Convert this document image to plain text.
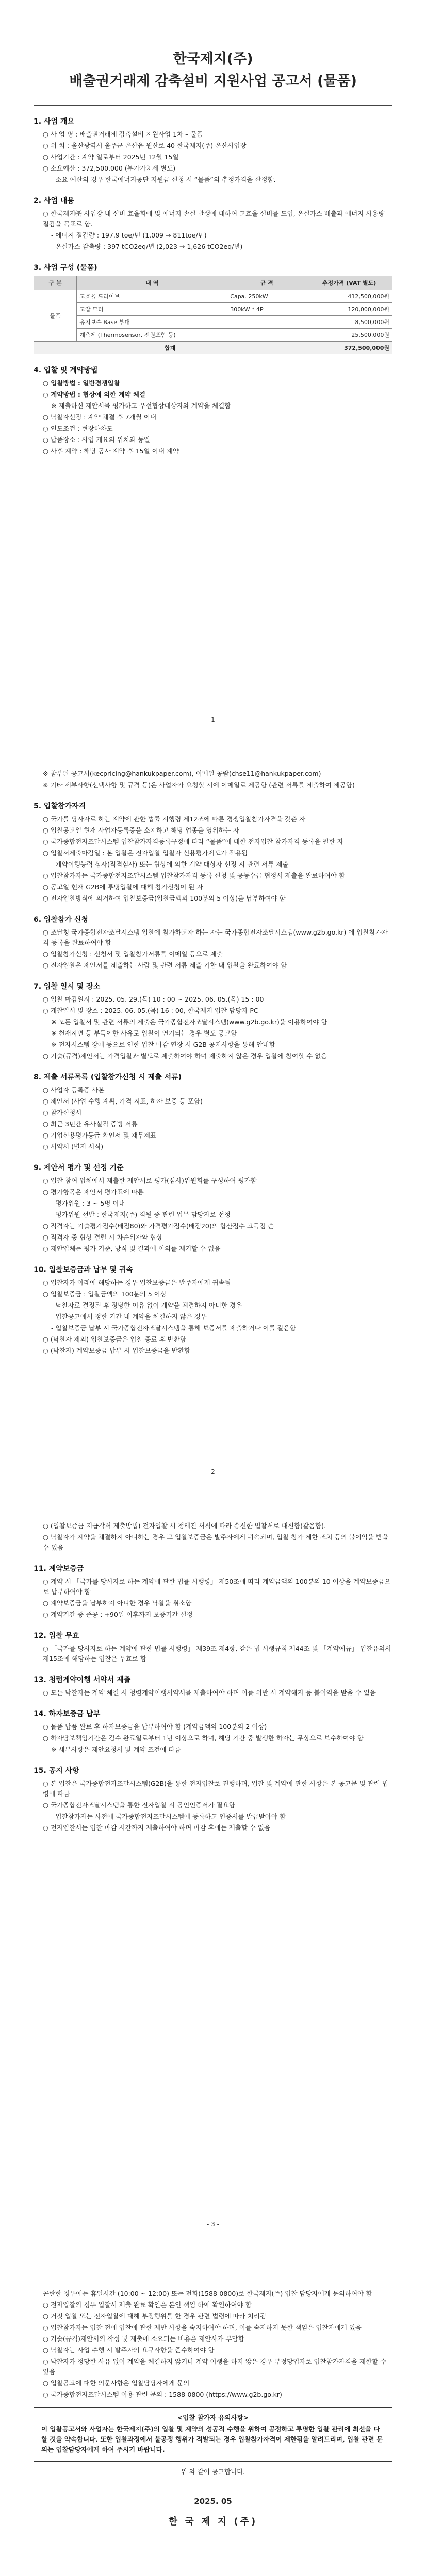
한국제지(주)
배출권거래제 감축설비 지원사업 공고서 (물품)
1. 사업 개요
○ 사 업 명 : 배출권거래제 감축설비 지원사업 1차 – 물품
○ 위 치 : 울산광역시 울주군 온산읍 원산로 40 한국제지(주) 온산사업장
○ 사업기간 : 계약 일로부터 2025년 12월 15일
○ 소요예산 : 372,500,000 (부가가치세 별도)
- 소요 예산의 경우 한국에너지공단 지원금 신청 시 “물품”의 추정가격을 산정함.
2. 사업 내용
○ 한국제지㈜ 사업장 내 설비 효율화에 및 에너지 손실 발생에 대하여 고효율 설비를 도입, 온실가스 배출과 에너지 사용량 절감을 목표로 함.
- 에너지 절감량 : 197.9 toe/년 (1,009 → 811toe/년)
- 온실가스 감축량 : 397 tCO2eq/년 (2,023 → 1,626 tCO2eq/년)
3. 사업 구성 (물품)
구 분	내 역	규 격	추정가격 (VAT 별도)
물품	고효율 드라이브	Capa. 250kW	412,500,000원
	고압 모터	300kW * 4P	120,000,000원
	유지보수 Base 부대		8,500,000원
	계측제 (Thermosensor, 전원포함 등)		25,500,000원
합계			372,500,000원
4. 입찰 및 계약방법
○ 입찰방법 : 일반경쟁입찰
○ 계약방법 : 협상에 의한 계약 체결
※ 제출하신 제안서를 평가하고 우선협상대상자와 계약을 체결함
○ 낙찰자선정 : 계약 체결 후 7개월 이내
○ 인도조건 : 현장하차도
○ 납품장소 : 사업 개요의 위치와 동일
○ 사후 계약 : 해당 공사 계약 후 15일 이내 계약
- 1 -
※ 참부된 공고서(kecpricing@hankukpaper.com), 이메일 공람(chse11@hankukpaper.com)
※ 기타 세부사항(선택사항 및 규격 등)은 사업자가 요청할 시에 이메일로 제공함 (관련 서류를 제출하여 제공함)
5. 입찰참가자격
○ 국가를 당사자로 하는 계약에 관한 법률 시행령 제12조에 따른 경쟁입찰참가자격을 갖춘 자
○ 입찰공고일 현재 사업자등록증을 소지하고 해당 업종을 영위하는 자
○ 국가종합전자조달시스템 입찰참가자격등록규정에 따라 “물품”에 대한 전자입찰 참가자격 등록을 필한 자
○ 입찰서제출마감일 : 본 입찰은 전자입찰 입찰자 신용평가제도가 적용됨
- 계약이행능력 심사(적격심사) 또는 협상에 의한 계약 대상자 선정 시 관련 서류 제출
○ 입찰참가자는 국가종합전자조달시스템 입찰참가자격 등록 신청 및 공동수급 협정서 제출을 완료하여야 함
○ 공고일 현재 G2B에 투명입찰에 대해 참가신청이 된 자
○ 전자입찰방식에 의거하여 입찰보증금(입찰금액의 100분의 5 이상)을 납부하여야 함
6. 입찰참가 신청
○ 조달청 국가종합전자조달시스템 입찰에 참가하고자 하는 자는 국가종합전자조달시스템(www.g2b.go.kr) 에 입찰참가자격 등록을 완료하여야 함
○ 입찰참가신청 : 신청서 및 입찰참가서류를 이메일 등으로 제출
○ 전자입찰은 제안서를 제출하는 사람 및 관련 서류 제출 기한 내 입찰을 완료하여야 함
7. 입찰 일시 및 장소
○ 입찰 마감일시 : 2025. 05. 29.(목) 10 : 00 ~ 2025. 06. 05.(목) 15 : 00
○ 개찰일시 및 장소 : 2025. 06. 05.(목) 16 : 00, 한국제지 입찰 담당자 PC
※ 모든 입찰서 및 관련 서류의 제출은 국가종합전자조달시스템(www.g2b.go.kr)을 이용하여야 함
※ 천재지변 등 부득이한 사유로 입찰이 연기되는 경우 별도 공고함
※ 전자시스템 장애 등으로 인한 입찰 마감 연장 시 G2B 공지사항을 통해 안내함
○ 기술(규격)제안서는 가격입찰과 별도로 제출하여야 하며 제출하지 않은 경우 입찰에 참여할 수 없음
8. 제출 서류목록 (입찰참가신청 시 제출 서류)
○ 사업자 등록증 사본
○ 제안서 (사업 수행 계획, 가격 지표, 하자 보증 등 포함)
○ 참가신청서
○ 최근 3년간 유사실적 증빙 서류
○ 기업신용평가등급 확인서 및 재무제표
○ 서약서 (별지 서식)
9. 제안서 평가 및 선정 기준
○ 입찰 참여 업체에서 제출한 제안서로 평가(심사)위원회를 구성하여 평가함
○ 평가항목은 제안서 평가표에 따름
- 평가위원 : 3 ~ 5명 이내
- 평가위원 선발 : 한국제지(주) 직원 중 관련 업무 담당자로 선정
○ 적격자는 기술평가점수(배점80)와 가격평가점수(배점20)의 합산점수 고득점 순
○ 적격자 중 협상 결렬 시 차순위자와 협상
○ 제안업체는 평가 기준, 방식 및 결과에 이의를 제기할 수 없음
10. 입찰보증금과 납부 및 귀속
○ 입찰자가 아래에 해당하는 경우 입찰보증금은 발주자에게 귀속됨
○ 입찰보증금 : 입찰금액의 100분의 5 이상
- 낙찰자로 결정된 후 정당한 이유 없이 계약을 체결하지 아니한 경우
- 입찰공고에서 정한 기간 내 계약을 체결하지 않은 경우
- 입찰보증금 납부 시 국가종합전자조달시스템을 통해 보증서를 제출하거나 이를 갈음함
○ (낙찰자 제외) 입찰보증금은 입찰 종료 후 반환함
○ (낙찰자) 계약보증금 납부 시 입찰보증금을 반환함
- 2 -
○ (입찰보증금 지급각서 제출방법) 전자입찰 시 정해진 서식에 따라 송신한 입찰서로 대신함(갈음함).
○ 낙찰자가 계약을 체결하지 아니하는 경우 그 입찰보증금은 발주자에게 귀속되며, 입찰 참가 제한 조치 등의 불이익을 받을 수 있음
11. 계약보증금
○ 계약 시 「국가를 당사자로 하는 계약에 관한 법률 시행령」 제50조에 따라 계약금액의 100분의 10 이상을 계약보증금으로 납부하여야 함
○ 계약보증금을 납부하지 아니한 경우 낙찰을 취소함
○ 계약기간 중 준공 : +90일 이후까지 보증기간 설정
12. 입찰 무효
○ 「국가를 당사자로 하는 계약에 관한 법률 시행령」 제39조 제4항, 같은 법 시행규칙 제44조 및 「계약예규」 입찰유의서 제15조에 해당하는 입찰은 무효로 함
13. 청렴계약이행 서약서 제출
○ 모든 낙찰자는 계약 체결 시 청렴계약이행서약서를 제출하여야 하며 이를 위반 시 계약해지 등 불이익을 받을 수 있음
14. 하자보증금 납부
○ 물품 납품 완료 후 하자보증금을 납부하여야 함 (계약금액의 100분의 2 이상)
○ 하자담보책임기간은 검수 완료일로부터 1년 이상으로 하며, 해당 기간 중 발생한 하자는 무상으로 보수하여야 함
※ 세부사항은 제안요청서 및 계약 조건에 따름
15. 공지 사항
○ 본 입찰은 국가종합전자조달시스템(G2B)을 통한 전자입찰로 진행하며, 입찰 및 계약에 관한 사항은 본 공고문 및 관련 법령에 따름
○ 국가종합전자조달시스템을 통한 전자입찰 시 공인인증서가 필요함
- 입찰참가자는 사전에 국가종합전자조달시스템에 등록하고 인증서를 발급받아야 함
○ 전자입찰서는 입찰 마감 시간까지 제출하여야 하며 마감 후에는 제출할 수 없음
- 3 -
곤란한 경우에는 휴일시간 (10:00 ~ 12:00) 또는 전화(1588-0800)로 한국제지(주) 입찰 담당자에게 문의하여야 함
○ 전자입찰의 경우 입찰서 제출 완료 확인은 본인 책임 하에 확인하여야 함
○ 거짓 입찰 또는 전자입찰에 대해 부정행위를 한 경우 관련 법령에 따라 처리됨
○ 입찰참가자는 입찰 전에 입찰에 관한 제반 사항을 숙지하여야 하며, 이를 숙지하지 못한 책임은 입찰자에게 있음
○ 기술(규격)제안서의 작성 및 제출에 소요되는 비용은 제안사가 부담함
○ 낙찰자는 사업 수행 시 발주자의 요구사항을 준수하여야 함
○ 낙찰자가 정당한 사유 없이 계약을 체결하지 않거나 계약 이행을 하지 않은 경우 부정당업자로 입찰참가자격을 제한할 수 있음
○ 입찰공고에 대한 의문사항은 입찰담당자에게 문의
○ 국가종합전자조달시스템 이용 관련 문의 : 1588-0800 (https://www.g2b.go.kr)
<입찰 참가자 유의사항>
이 입찰공고서와 사업자는 한국제지(주)의 입찰 및 계약의 성공적 수행을 위하여 공정하고 투명한 입찰 관리에 최선을 다할 것을 약속합니다. 또한 입찰과정에서 불공정 행위가 적발되는 경우 입찰참가자격이 제한됨을 알려드리며, 입찰 관련 문의는 입찰담당자에게 하여 주시기 바랍니다.
위 와 같이 공고합니다.
2025. 05
한 국 제 지 (주)
